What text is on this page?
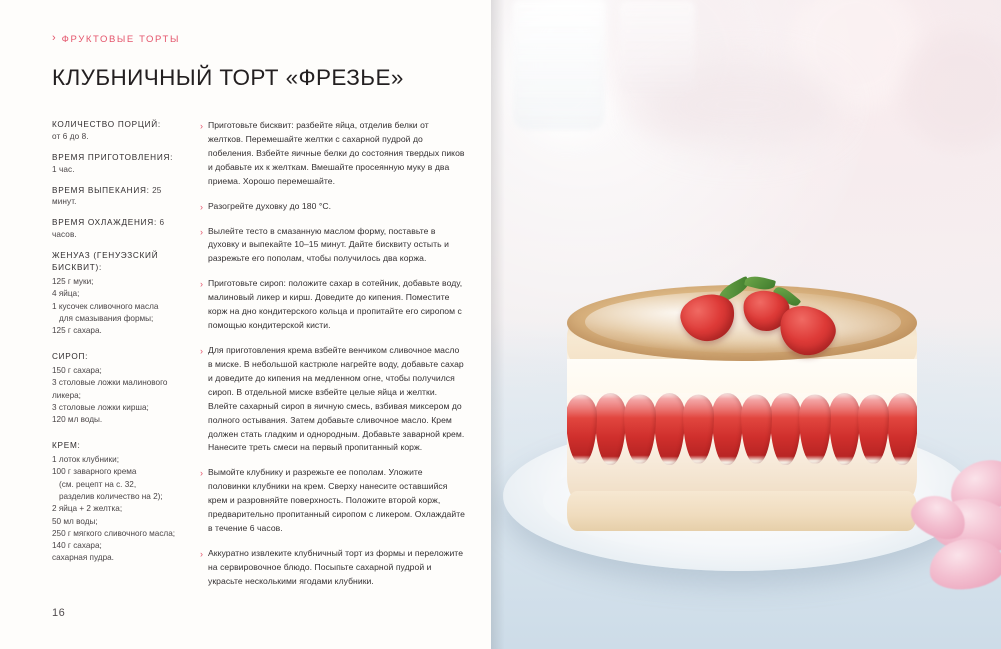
› ФРУКТОВЫЕ ТОРТЫ
КЛУБНИЧНЫЙ ТОРТ «ФРЕЗЬЕ»
КОЛИЧЕСТВО ПОРЦИЙ:
от 6 до 8.
ВРЕМЯ ПРИГОТОВЛЕНИЯ: 1 час.
ВРЕМЯ ВЫПЕКАНИЯ: 25 минут.
ВРЕМЯ ОХЛАЖДЕНИЯ: 6 часов.
ЖЕНУАЗ (ГЕНУЭЗСКИЙ БИСКВИТ):
125 г муки;
4 яйца;
1 кусочек сливочного масла
для смазывания формы;
125 г сахара.
СИРОП:
150 г сахара;
3 столовые ложки малинового
ликера;
3 столовые ложки кирша;
120 мл воды.
КРЕМ:
1 лоток клубники;
100 г заварного крема
(см. рецепт на с. 32,
разделив количество на 2);
2 яйца + 2 желтка;
50 мл воды;
250 г мягкого сливочного масла;
140 г сахара;
сахарная пудра.
› Приготовьте бисквит: разбейте яйца, отделив белки от желтков. Перемешайте желтки с сахарной пудрой до побеления. Взбейте яичные белки до состояния твердых пиков и добавьте их к желткам. Вмешайте просеянную муку в два приема. Хорошо перемешайте.
› Разогрейте духовку до 180 °С.
› Вылейте тесто в смазанную маслом форму, поставьте в духовку и выпекайте 10–15 минут. Дайте бисквиту остыть и разрежьте его пополам, чтобы получилось два коржа.
› Приготовьте сироп: положите сахар в сотейник, добавьте воду, малиновый ликер и кирш. Доведите до кипения. Поместите корж на дно кондитерского кольца и пропитайте его сиропом с помощью кондитерской кисти.
› Для приготовления крема взбейте венчиком сливочное масло в миске. В небольшой кастрюле нагрейте воду, добавьте сахар и доведите до кипения на медленном огне, чтобы получился сироп. В отдельной миске взбейте целые яйца и желтки. Влейте сахарный сироп в яичную смесь, взбивая миксером до полного остывания. Затем добавьте сливочное масло. Крем должен стать гладким и однородным. Добавьте заварной крем. Нанесите треть смеси на первый пропитанный корж.
› Вымойте клубнику и разрежьте ее пополам. Уложите половинки клубники на крем. Сверху нанесите оставшийся крем и разровняйте поверхность. Положите второй корж, предварительно пропитанный сиропом с ликером. Охлаждайте в течение 6 часов.
› Аккуратно извлеките клубничный торт из формы и переложите на сервировочное блюдо. Посыпьте сахарной пудрой и украсьте несколькими ягодами клубники.
16
